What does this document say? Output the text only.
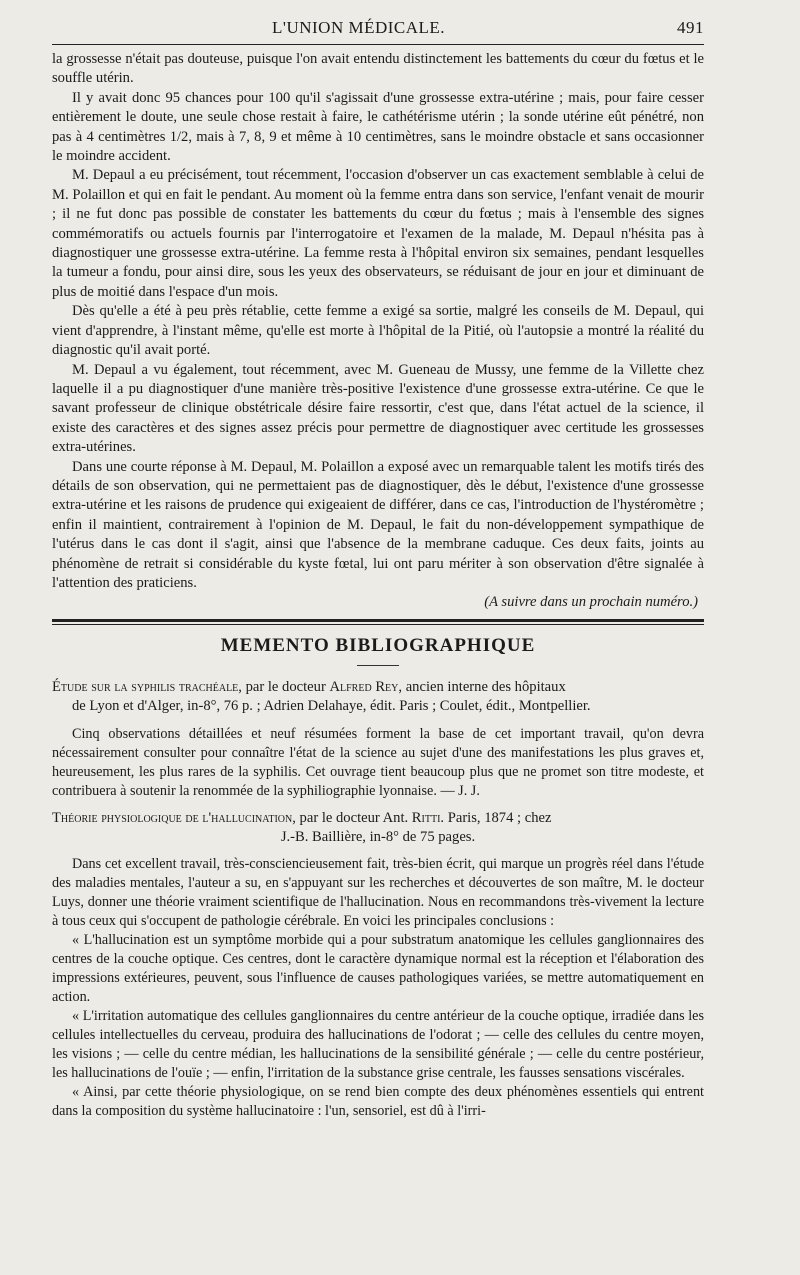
L'UNION MÉDICALE.	491

la grossesse n'était pas douteuse, puisque l'on avait entendu distinctement les battements du cœur du fœtus et le souffle utérin.

Il y avait donc 95 chances pour 100 qu'il s'agissait d'une grossesse extra-utérine ; mais, pour faire cesser entièrement le doute, une seule chose restait à faire, le cathétérisme utérin ; la sonde utérine eût pénétré, non pas à 4 centimètres 1/2, mais à 7, 8, 9 et même à 10 centimètres, sans le moindre obstacle et sans occasionner le moindre accident.

M. Depaul a eu précisément, tout récemment, l'occasion d'observer un cas exactement semblable à celui de M. Polaillon et qui en fait le pendant. Au moment où la femme entra dans son service, l'enfant venait de mourir ; il ne fut donc pas possible de constater les battements du cœur du fœtus ; mais à l'ensemble des signes commémoratifs ou actuels fournis par l'interrogatoire et l'examen de la malade, M. Depaul n'hésita pas à diagnostiquer une grossesse extra-utérine. La femme resta à l'hôpital environ six semaines, pendant lesquelles la tumeur a fondu, pour ainsi dire, sous les yeux des observateurs, se réduisant de jour en jour et diminuant de plus de moitié dans l'espace d'un mois.

Dès qu'elle a été à peu près rétablie, cette femme a exigé sa sortie, malgré les conseils de M. Depaul, qui vient d'apprendre, à l'instant même, qu'elle est morte à l'hôpital de la Pitié, où l'autopsie a montré la réalité du diagnostic qu'il avait porté.

M. Depaul a vu également, tout récemment, avec M. Gueneau de Mussy, une femme de la Villette chez laquelle il a pu diagnostiquer d'une manière très-positive l'existence d'une grossesse extra-utérine. Ce que le savant professeur de clinique obstétricale désire faire ressortir, c'est que, dans l'état actuel de la science, il existe des caractères et des signes assez précis pour permettre de diagnostiquer avec certitude les grossesses extra-utérines.

Dans une courte réponse à M. Depaul, M. Polaillon a exposé avec un remarquable talent les motifs tirés des détails de son observation, qui ne permettaient pas de diagnostiquer, dès le début, l'existence d'une grossesse extra-utérine et les raisons de prudence qui exigeaient de différer, dans ce cas, l'introduction de l'hystéromètre ; enfin il maintient, contrairement à l'opinion de M. Depaul, le fait du non-développement sympathique de l'utérus dans le cas dont il s'agit, ainsi que l'absence de la membrane caduque. Ces deux faits, joints au phénomène de retrait si considérable du kyste fœtal, lui ont paru mériter à son observation d'être signalée à l'attention des praticiens.

(A suivre dans un prochain numéro.)
MEMENTO BIBLIOGRAPHIQUE
Étude sur la syphilis trachéale, par le docteur Alfred Rey, ancien interne des hôpitaux
de Lyon et d'Alger, in-8°, 76 p. ; Adrien Delahaye, édit. Paris ; Coulet, édit., Montpellier.

Cinq observations détaillées et neuf résumées forment la base de cet important travail, qu'on devra nécessairement consulter pour connaître l'état de la science au sujet d'une des manifestations les plus graves et, heureusement, les plus rares de la syphilis. Cet ouvrage tient beaucoup plus que ne promet son titre modeste, et contribuera à soutenir la renommée de la syphiliographie lyonnaise. — J. J.

Théorie physiologique de l'hallucination, par le docteur Ant. Ritti. Paris, 1874 ; chez
J.-B. Baillière, in-8° de 75 pages.

Dans cet excellent travail, très-consciencieusement fait, très-bien écrit, qui marque un progrès réel dans l'étude des maladies mentales, l'auteur a su, en s'appuyant sur les recherches et découvertes de son maître, M. le docteur Luys, donner une théorie vraiment scientifique de l'hallucination. Nous en recommandons très-vivement la lecture à tous ceux qui s'occupent de pathologie cérébrale. En voici les principales conclusions :

« L'hallucination est un symptôme morbide qui a pour substratum anatomique les cellules ganglionnaires des centres de la couche optique. Ces centres, dont le caractère dynamique normal est la réception et l'élaboration des impressions extérieures, peuvent, sous l'influence de causes pathologiques variées, se mettre automatiquement en action.

« L'irritation automatique des cellules ganglionnaires du centre antérieur de la couche optique, irradiée dans les cellules intellectuelles du cerveau, produira des hallucinations de l'odorat ; — celle des cellules du centre moyen, les visions ; — celle du centre médian, les hallucinations de la sensibilité générale ; — celle du centre postérieur, les hallucinations de l'ouïe ; — enfin, l'irritation de la substance grise centrale, les fausses sensations viscérales.

« Ainsi, par cette théorie physiologique, on se rend bien compte des deux phénomènes essentiels qui entrent dans la composition du système hallucinatoire : l'un, sensoriel, est dû à l'irri-
